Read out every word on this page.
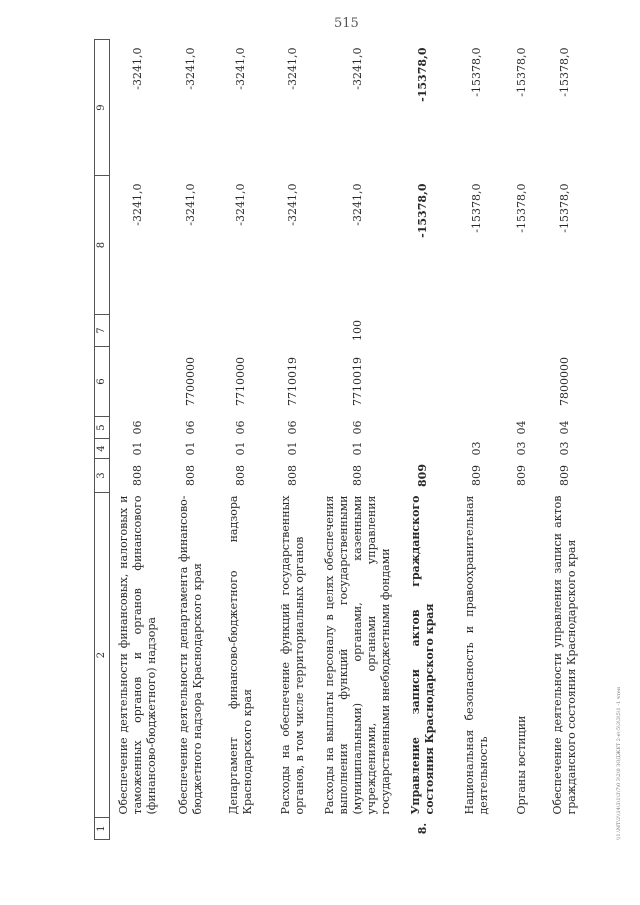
515
1	2	3	4	5	6	7	8	9
	Обеспечение деятельности финансовых, налоговых и таможенных органов и органов финансового (финансово-бюджетного) надзора	808	01	06			-3241,0	-3241,0
	Обеспечение деятельности департамента финансово-бюджетного надзора Краснодарского края	808	01	06	7700000		-3241,0	-3241,0
	Департамент финансово-бюджетного надзора Краснодарского края	808	01	06	7710000		-3241,0	-3241,0
	Расходы на обеспечение функций государственных органов, в том числе территориальных органов	808	01	06	7710019		-3241,0	-3241,0
	Расходы на выплаты персоналу в целях обеспечения выполнения функций государственными (муниципальными) органами, казенными учреждениями, органами управления государственными внебюджетными фондами	808	01	06	7710019	100	-3241,0	-3241,0
8.	Управление записи актов гражданского состояния Краснодарского края	809					-15378,0	-15378,0
	Национальная безопасность и правоохранительная деятельность	809	03				-15378,0	-15378,0
	Органы юстиции	809	03	04			-15378,0	-15378,0
	Обеспечение деятельности управления записи актов гражданского состояния Краснодарского края	809	03	04	7800000		-15378,0	-15378,0
\\1.\МТ\2\\14\3\1\3\7\0 3\2\0 ЗОДЖЕТ 2-е\-5\3\3\5\1 -1 чтен
